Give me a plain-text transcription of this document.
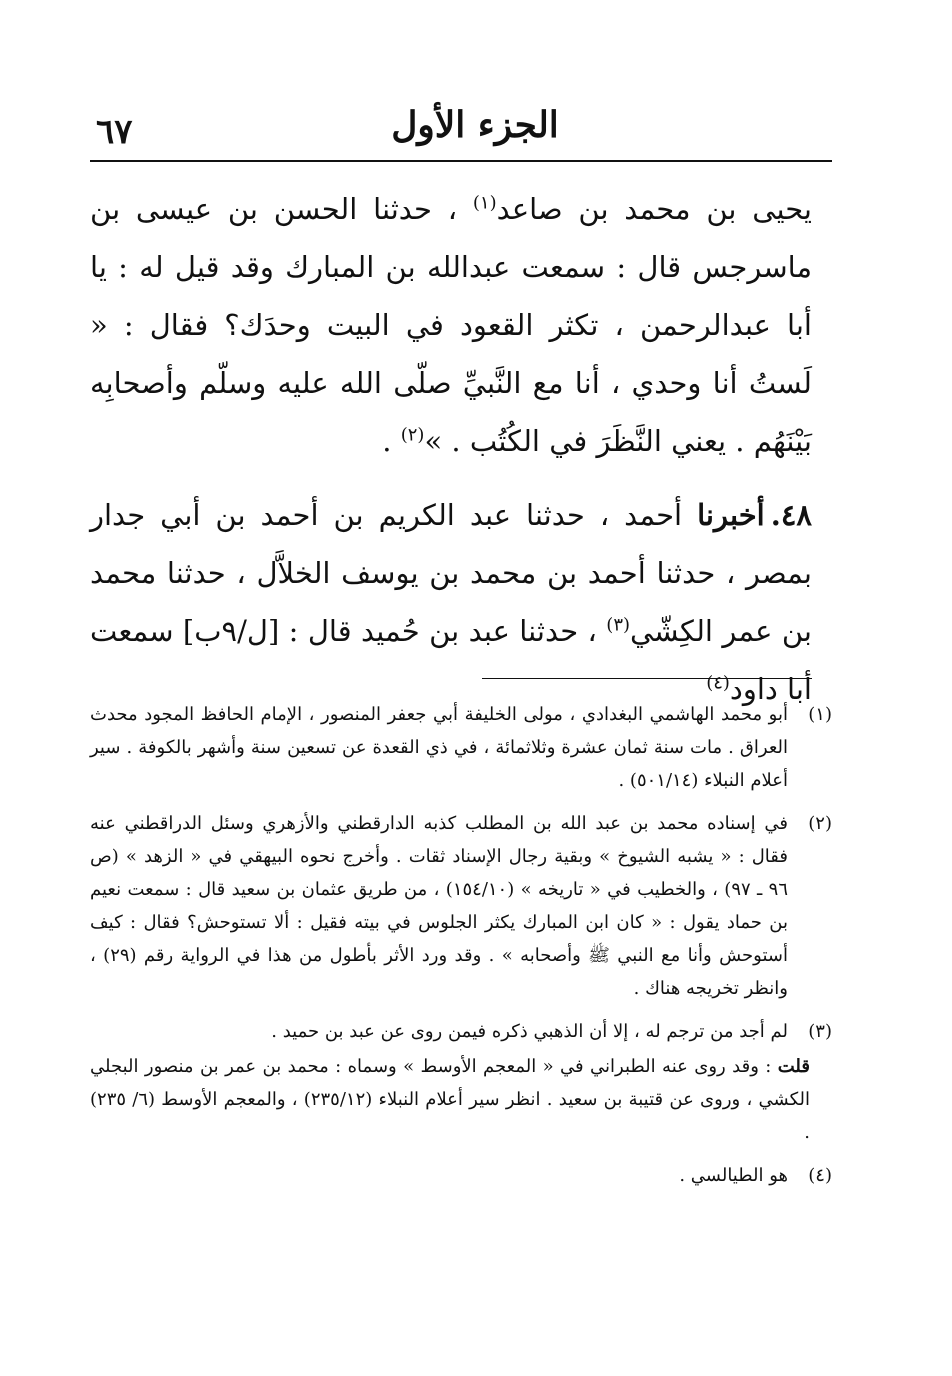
٦٧	الجزء الأول

يحيى بن محمد بن صاعد$^{(١)}$ ، حدثنا الحسن بن عيسى بن ماسرجس قال : سمعت عبدالله بن المبارك وقد قيل له : يا أبا عبدالرحمن ، تكثر القعود في البيت وحدَك؟ فقال : « لَستُ أنا وحدي ، أنا مع النَّبيِّ صلّى الله عليه وسلّم وأصحابِه بَيْنَهُم . يعني النَّظَرَ في الكُتُب . »$^{(٢)}$ .

٤٨.أخبرنا أحمد ، حدثنا عبد الكريم بن أحمد بن أبي جدار بمصر ، حدثنا أحمد بن محمد بن يوسف الخلاَّل ، حدثنا محمد بن عمر الكِشّي$^{(٣)}$ ، حدثنا عبد بن حُميد قال : [ل/٩ب] سمعت أبا داود$^{(٤)}$

(١)
أبو محمد الهاشمي البغدادي ، مولى الخليفة أبي جعفر المنصور ، الإمام الحافظ المجود محدث العراق . مات سنة ثمان عشرة وثلاثمائة ، في ذي القعدة عن تسعين سنة وأشهر بالكوفة . سير أعلام النبلاء (٥٠١/١٤) .

(٢)
في إسناده محمد بن عبد الله بن المطلب كذبه الدارقطني والأزهري وسئل الدراقطني عنه فقال : « يشبه الشيوخ » وبقية رجال الإسناد ثقات . وأخرج نحوه البيهقي في « الزهد » (ص ٩٦ ـ ٩٧) ، والخطيب في « تاريخه » (١٥٤/١٠) ، من طريق عثمان بن سعيد قال : سمعت نعيم بن حماد يقول : « كان ابن المبارك يكثر الجلوس في بيته فقيل : ألا تستوحش؟ فقال : كيف أستوحش وأنا مع النبي ﷺ وأصحابه » . وقد ورد الأثر بأطول من هذا في الرواية رقم (٢٩) ، وانظر تخريجه هناك .

(٣)
لم أجد من ترجم له ، إلا أن الذهبي ذكره فيمن روى عن عبد بن حميد .

قلت : وقد روى عنه الطبراني في « المعجم الأوسط » وسماه : محمد بن عمر بن منصور البجلي الكشي ، وروى عن قتيبة بن سعيد . انظر سير أعلام النبلاء (٢٣٥/١٢) ، والمعجم الأوسط (٦/ ٢٣٥) .

(٤)
هو الطيالسي .
